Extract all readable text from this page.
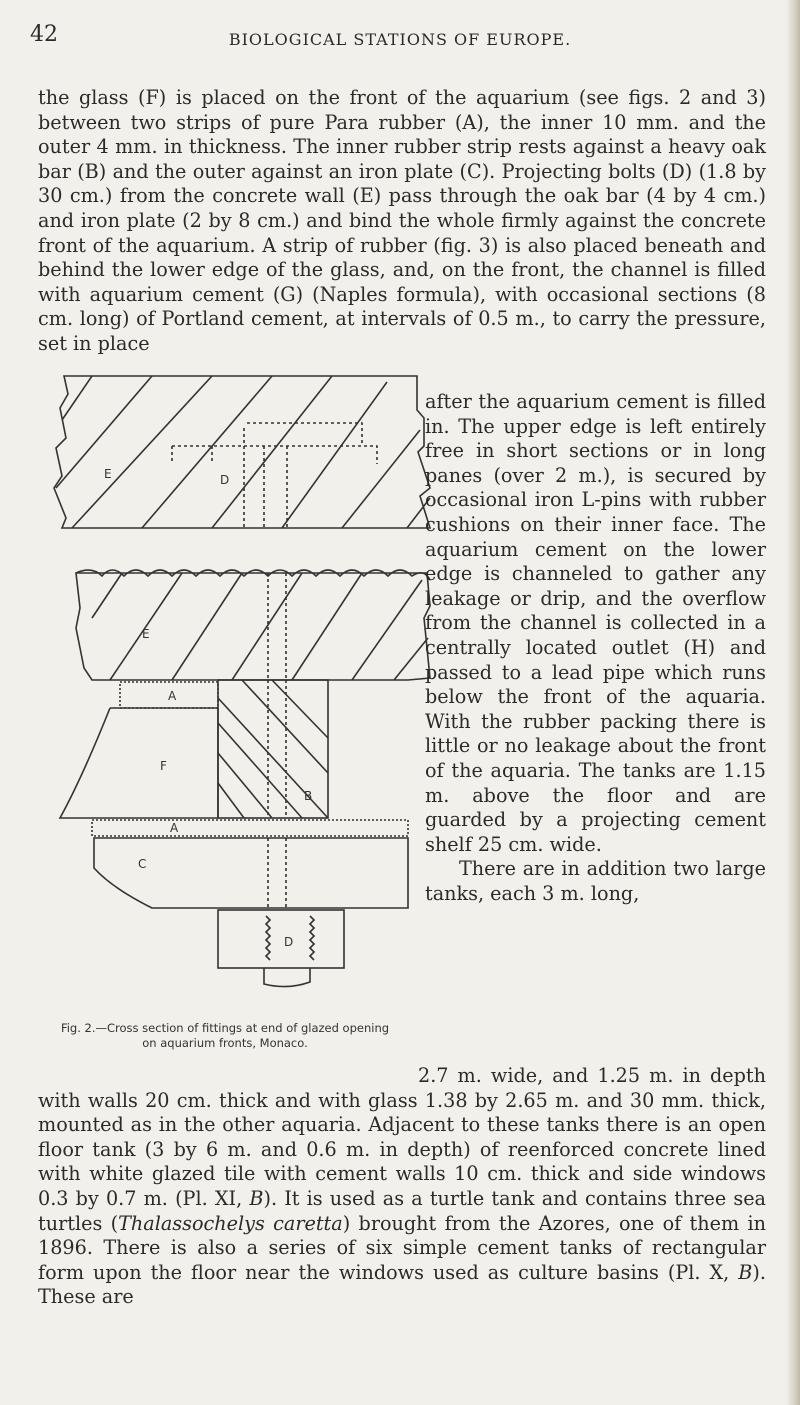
42	BIOLOGICAL STATIONS OF EUROPE.

the glass (F) is placed on the front of the aquarium (see figs. 2 and 3) between two strips of pure Para rubber (A), the inner 10 mm. and the outer 4 mm. in thickness. The inner rubber strip rests against a heavy oak bar (B) and the outer against an iron plate (C). Projecting bolts (D) (1.8 by 30 cm.) from the concrete wall (E) pass through the oak bar (4 by 4 cm.) and iron plate (2 by 8 cm.) and bind the whole firmly against the concrete front of the aquarium. A strip of rubber (fig. 3) is also placed beneath and behind the lower edge of the glass, and, on the front, the channel is filled with aquarium cement (G) (Naples formula), with occasional sections (8 cm. long) of Portland cement, at intervals of 0.5 m., to carry the pressure, set in place

E	D
E
A
F
B
A
C
D
Fig. 2.—Cross section of fittings at end of glazed opening
on aquarium fronts, Monaco.

after the aquarium cement is filled in. The upper edge is left entirely free in short sections or in long panes (over 2 m.), is secured by occasional iron L-pins with rubber cushions on their inner face. The aquarium cement on the lower edge is channeled to gather any leakage or drip, and the overflow from the channel is collected in a centrally located outlet (H) and passed to a lead pipe which runs below the front of the aquaria. With the rubber packing there is little or no leakage about the front of the aquaria. The tanks are 1.15 m. above the floor and are guarded by a projecting cement shelf 25 cm. wide.
There are in addition two large tanks, each 3 m. long,

2.7 m. wide, and 1.25 m. in depth with walls 20 cm. thick and with glass 1.38 by 2.65 m. and 30 mm. thick, mounted as in the other aquaria. Adjacent to these tanks there is an open floor tank (3 by 6 m. and 0.6 m. in depth) of reenforced concrete lined with white glazed tile with cement walls 10 cm. thick and side windows 0.3 by 0.7 m. (Pl. XI, B). It is used as a turtle tank and contains three sea turtles (Thalassochelys caretta) brought from the Azores, one of them in 1896. There is also a series of six simple cement tanks of rectangular form upon the floor near the windows used as culture basins (Pl. X, B). These are
